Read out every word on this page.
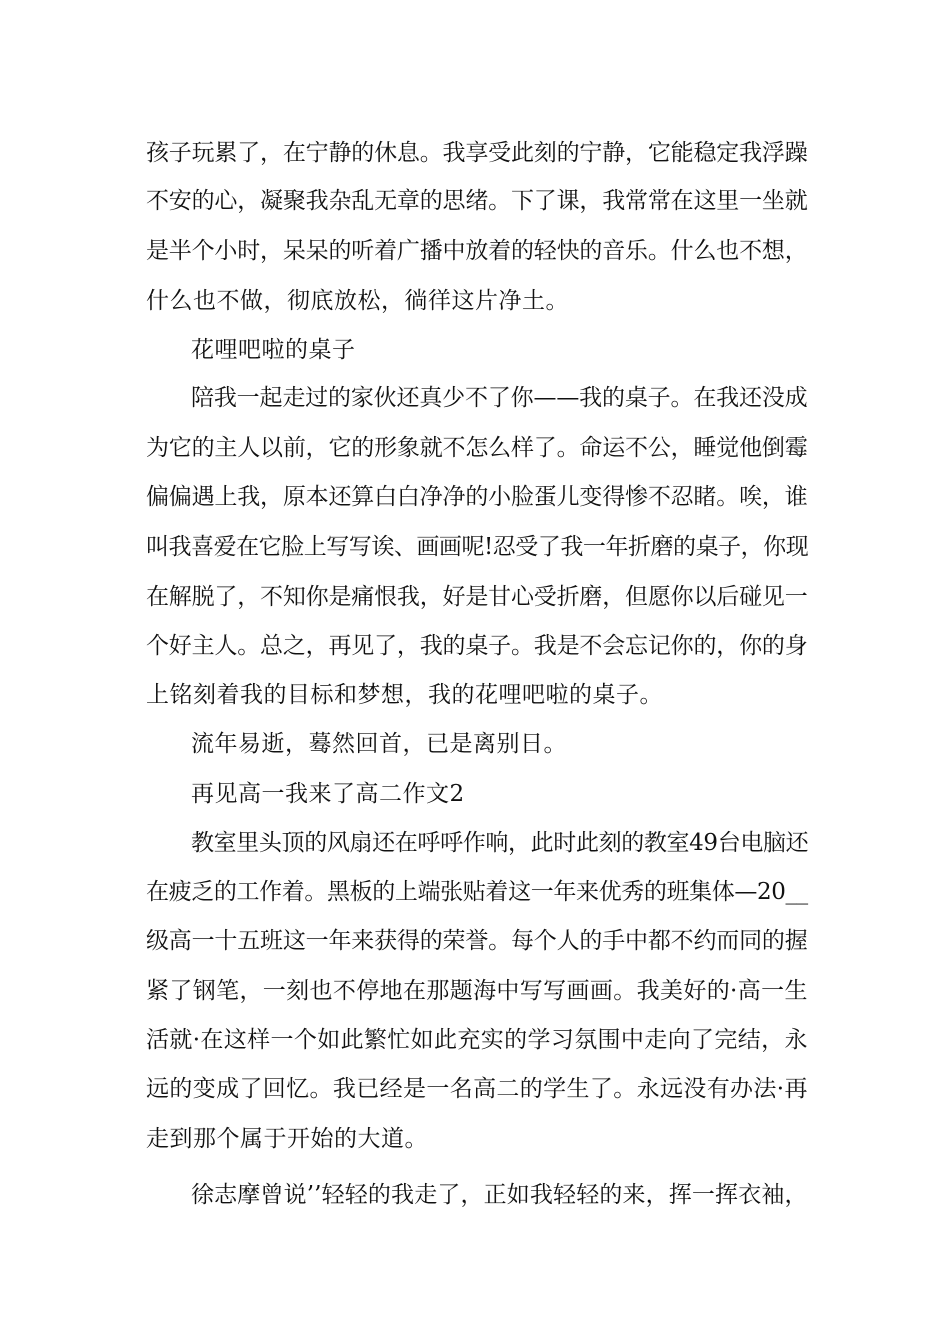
孩子玩累了，在宁静的休息。我享受此刻的宁静，它能稳定我浮躁
不安的心，凝聚我杂乱无章的思绪。下了课，我常常在这里一坐就
是半个小时，呆呆的听着广播中放着的轻快的音乐。什么也不想，
什么也不做，彻底放松，徜徉这片净土。
花哩吧啦的桌子
陪我一起走过的家伙还真少不了你——我的桌子。在我还没成
为它的主人以前，它的形象就不怎么样了。命运不公，睡觉他倒霉
偏偏遇上我，原本还算白白净净的小脸蛋儿变得惨不忍睹。唉，谁
叫我喜爱在它脸上写写诶、画画呢!忍受了我一年折磨的桌子，你现
在解脱了，不知你是痛恨我，好是甘心受折磨，但愿你以后碰见一
个好主人。总之，再见了，我的桌子。我是不会忘记你的，你的身
上铭刻着我的目标和梦想，我的花哩吧啦的桌子。
流年易逝，蓦然回首，已是离别日。
再见高一我来了高二作文2
教室里头顶的风扇还在呼呼作响，此时此刻的教室49台电脑还
在疲乏的工作着。黑板的上端张贴着这一年来优秀的班集体—20__
级高一十五班这一年来获得的荣誉。每个人的手中都不约而同的握
紧了钢笔，一刻也不停地在那题海中写写画画。我美好的·高一生
活就·在这样一个如此繁忙如此充实的学习氛围中走向了完结，永
远的变成了回忆。我已经是一名高二的学生了。永远没有办法·再
走到那个属于开始的大道。
徐志摩曾说’’轻轻的我走了，正如我轻轻的来，挥一挥衣袖，
